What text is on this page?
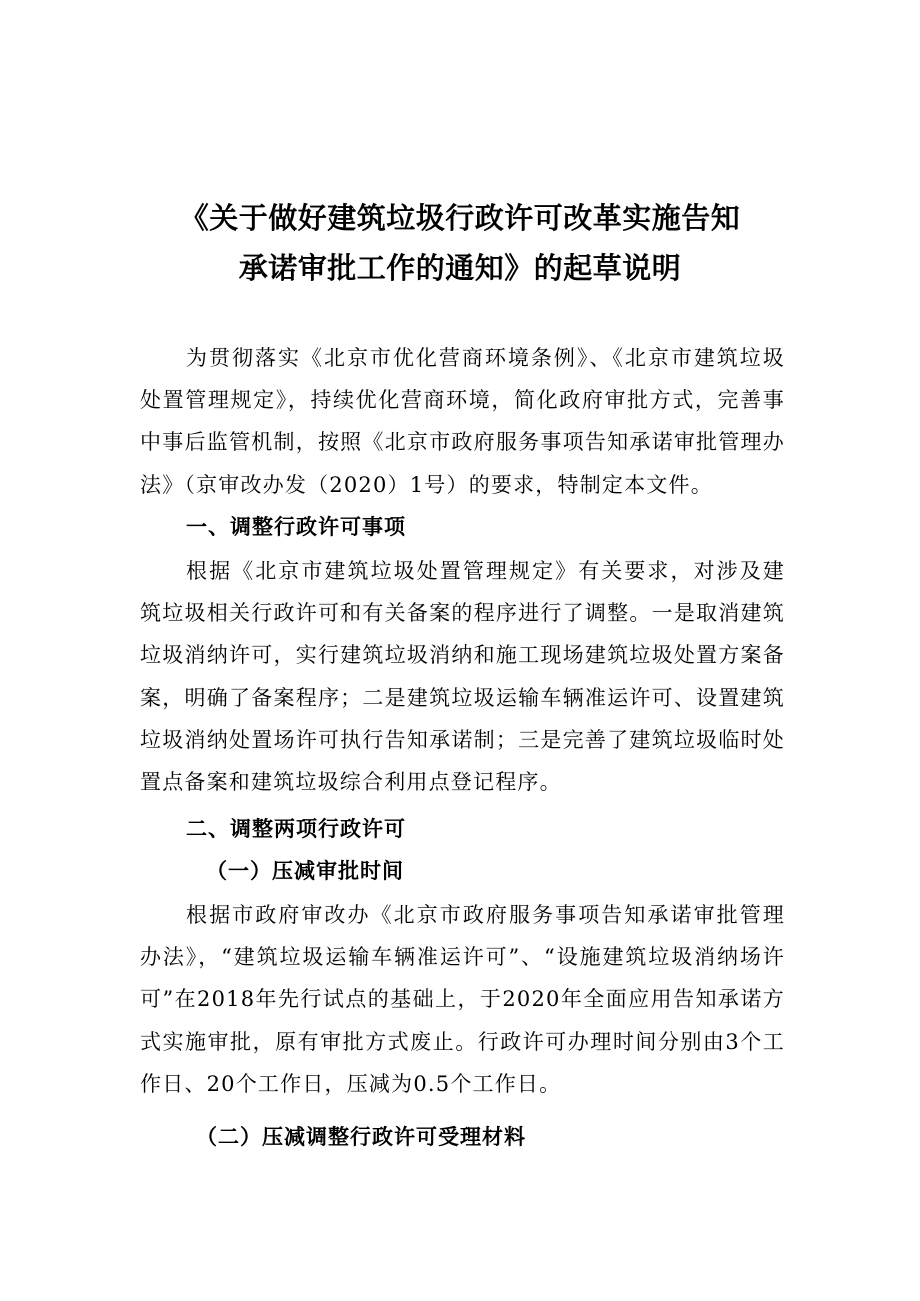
《关于做好建筑垃圾行政许可改革实施告知
承诺审批工作的通知》的起草说明

为贯彻落实《北京市优化营商环境条例》、《北京市建筑垃圾处置管理规定》，持续优化营商环境，简化政府审批方式，完善事中事后监管机制，按照《北京市政府服务事项告知承诺审批管理办法》（京审改办发（2020）1号）的要求，特制定本文件。

一、调整行政许可事项

根据《北京市建筑垃圾处置管理规定》有关要求，对涉及建筑垃圾相关行政许可和有关备案的程序进行了调整。一是取消建筑垃圾消纳许可，实行建筑垃圾消纳和施工现场建筑垃圾处置方案备案，明确了备案程序；二是建筑垃圾运输车辆准运许可、设置建筑垃圾消纳处置场许可执行告知承诺制；三是完善了建筑垃圾临时处置点备案和建筑垃圾综合利用点登记程序。

二、调整两项行政许可

（一）压减审批时间

根据市政府审改办《北京市政府服务事项告知承诺审批管理办法》，“建筑垃圾运输车辆准运许可”、“设施建筑垃圾消纳场许可”在2018年先行试点的基础上，于2020年全面应用告知承诺方式实施审批，原有审批方式废止。行政许可办理时间分别由3个工作日、20个工作日，压减为0.5个工作日。

（二）压减调整行政许可受理材料
